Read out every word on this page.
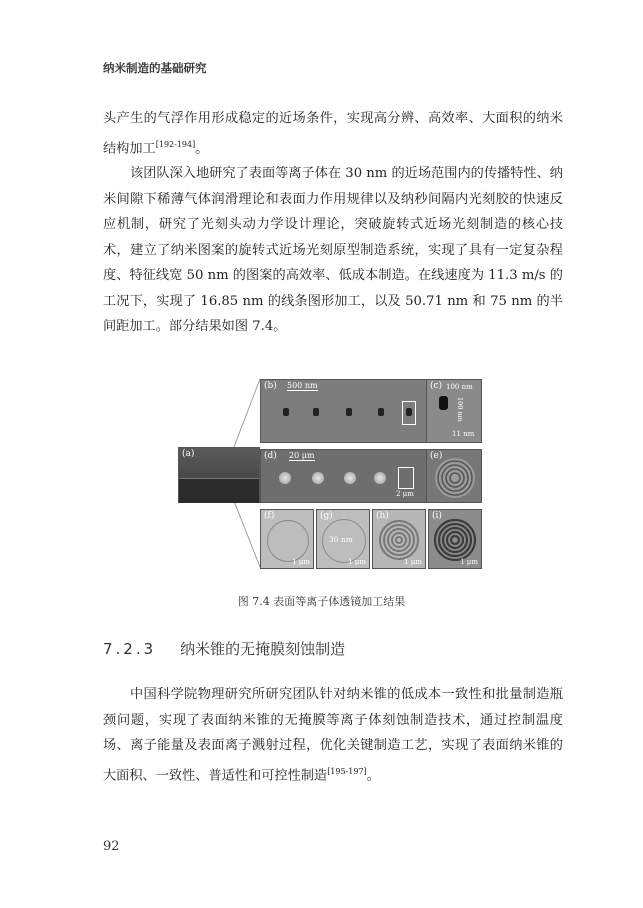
纳米制造的基础研究

头产生的气浮作用形成稳定的近场条件，实现高分辨、高效率、大面积的纳米结构加工[192-194]。

该团队深入地研究了表面等离子体在 30 nm 的近场范围内的传播特性、纳米间隙下稀薄气体润滑理论和表面力作用规律以及纳秒间隔内光刻胶的快速反应机制，研究了光刻头动力学设计理论，突破旋转式近场光刻制造的核心技术，建立了纳米图案的旋转式近场光刻原型制造系统，实现了具有一定复杂程度、特征线宽 50 nm 的图案的高效率、低成本制造。在线速度为 11.3 m/s 的工况下，实现了 16.85 nm 的线条图形加工，以及 50.71 nm 和 75 nm 的半间距加工。部分结果如图 7.4。

(a)
(b) 500 nm	(c) 100 nm
100 nm
11 nm
(d) 20 μm
2 μm
(e)
(f)
1 μm
(g)
30 nm
1 μm
(h)
1 μm
(i)
1 μm
图 7.4 表面等离子体透镜加工结果
7.2.3 纳米锥的无掩膜刻蚀制造

中国科学院物理研究所研究团队针对纳米锥的低成本一致性和批量制造瓶颈问题，实现了表面纳米锥的无掩膜等离子体刻蚀制造技术，通过控制温度场、离子能量及表面离子溅射过程，优化关键制造工艺，实现了表面纳米锥的大面积、一致性、普适性和可控性制造[195-197]。

92
